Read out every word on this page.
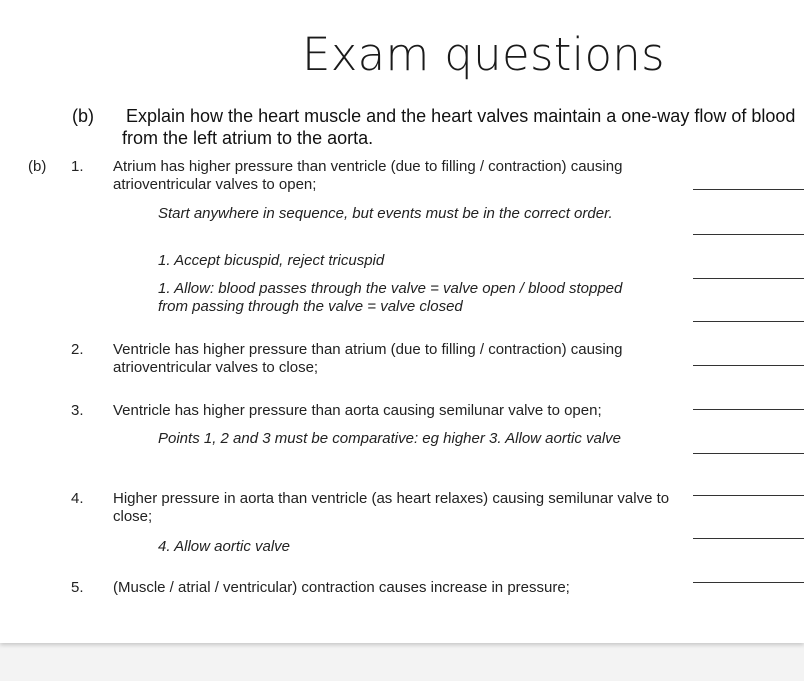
Exam questions
(b) Explain how the heart muscle and the heart valves maintain a one-way flow of blood from the left atrium to the aorta.
(b) 1. Atrium has higher pressure than ventricle (due to filling / contraction) causing atrioventricular valves to open;
Start anywhere in sequence, but events must be in the correct order.
1. Accept bicuspid, reject tricuspid
1. Allow: blood passes through the valve = valve open / blood stopped from passing through the valve = valve closed
2. Ventricle has higher pressure than atrium (due to filling / contraction) causing atrioventricular valves to close;
3. Ventricle has higher pressure than aorta causing semilunar valve to open;
Points 1, 2 and 3 must be comparative: eg higher 3. Allow aortic valve
4. Higher pressure in aorta than ventricle (as heart relaxes) causing semilunar valve to close;
4. Allow aortic valve
5. (Muscle / atrial / ventricular) contraction causes increase in pressure;
